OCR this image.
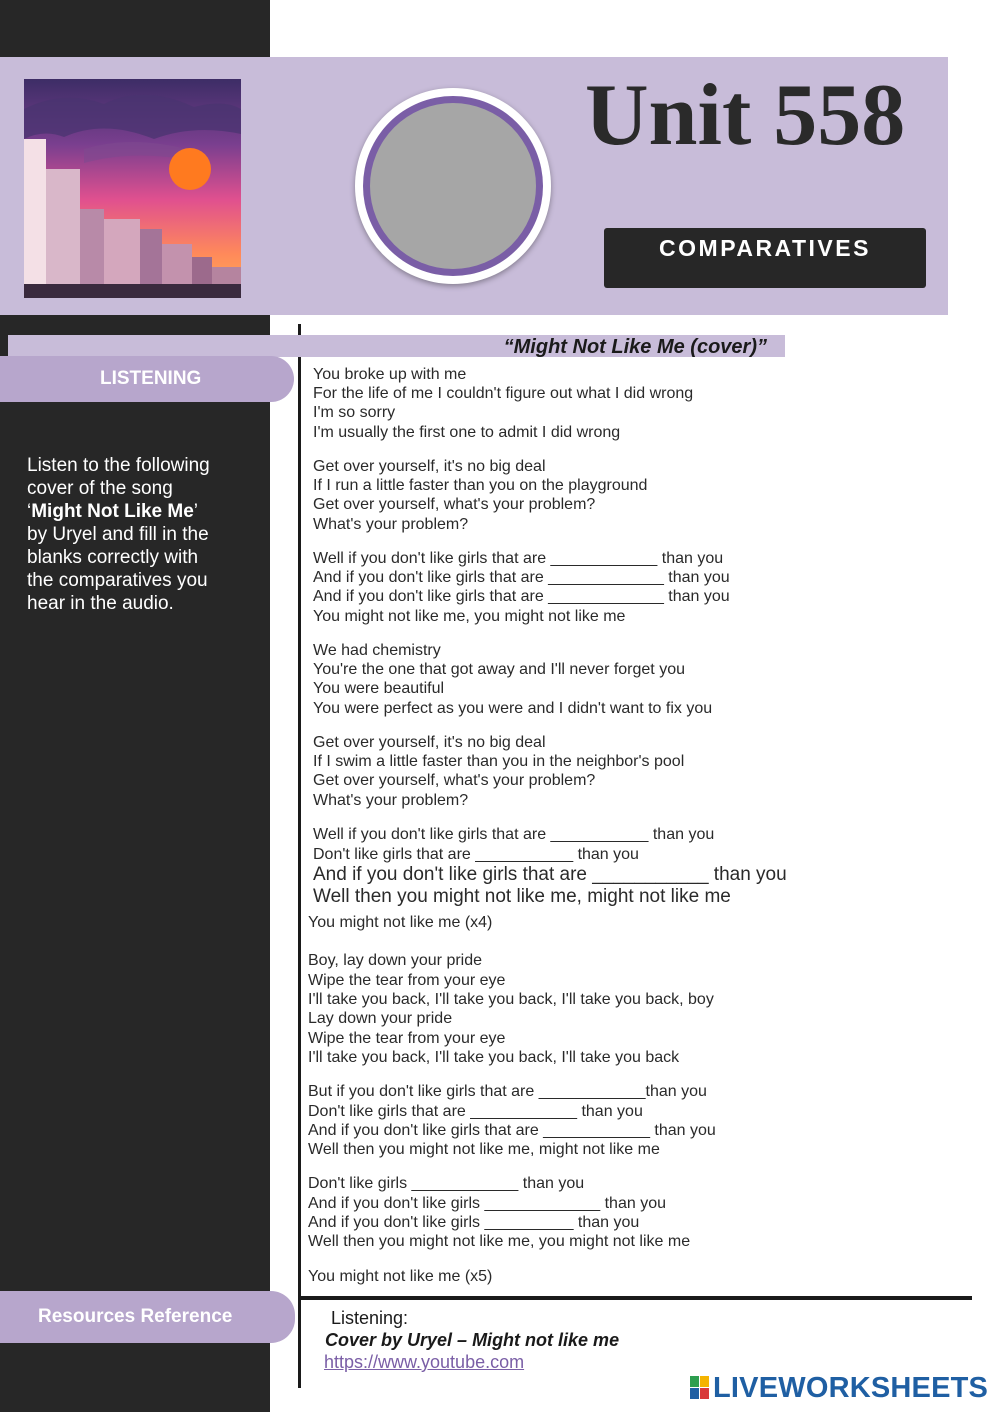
Unit 558
COMPARATIVES
“Might Not Like Me (cover)”
LISTENING
Listen to the following
cover of the song
‘Might Not Like Me’
by Uryel and fill in the
blanks correctly with
the comparatives you
hear in the audio.
You broke up with me
For the life of me I couldn't figure out what I did wrong
I'm so sorry
I'm usually the first one to admit I did wrong
Get over yourself, it's no big deal
If I run a little faster than you on the playground
Get over yourself, what's your problem?
What's your problem?
Well if you don't like girls that are ____________ than you
And if you don't like girls that are _____________ than you
And if you don't like girls that are _____________ than you
You might not like me, you might not like me
We had chemistry
You're the one that got away and I'll never forget you
You were beautiful
You were perfect as you were and I didn't want to fix you
Get over yourself, it's no big deal
If I swim a little faster than you in the neighbor's pool
Get over yourself, what's your problem?
What's your problem?
Well if you don't like girls that are ___________ than you
Don't like girls that are ___________ than you
And if you don't like girls that are ___________ than you
Well then you might not like me, might not like me
You might not like me (x4)
Boy, lay down your pride
Wipe the tear from your eye
I'll take you back, I'll take you back, I'll take you back, boy
Lay down your pride
Wipe the tear from your eye
I'll take you back, I'll take you back, I'll take you back
But if you don't like girls that are ____________than you
Don't like girls that are ____________ than you
And if you don't like girls that are ____________ than you
Well then you might not like me, might not like me
Don't like girls ____________ than you
And if you don't like girls _____________ than you
And if you don't like girls __________ than you
Well then you might not like me, you might not like me
You might not like me (x5)
Resources Reference	Listening:
Cover by Uryel – Might not like me
https://www.youtube.com
LIVEWORKSHEETS
